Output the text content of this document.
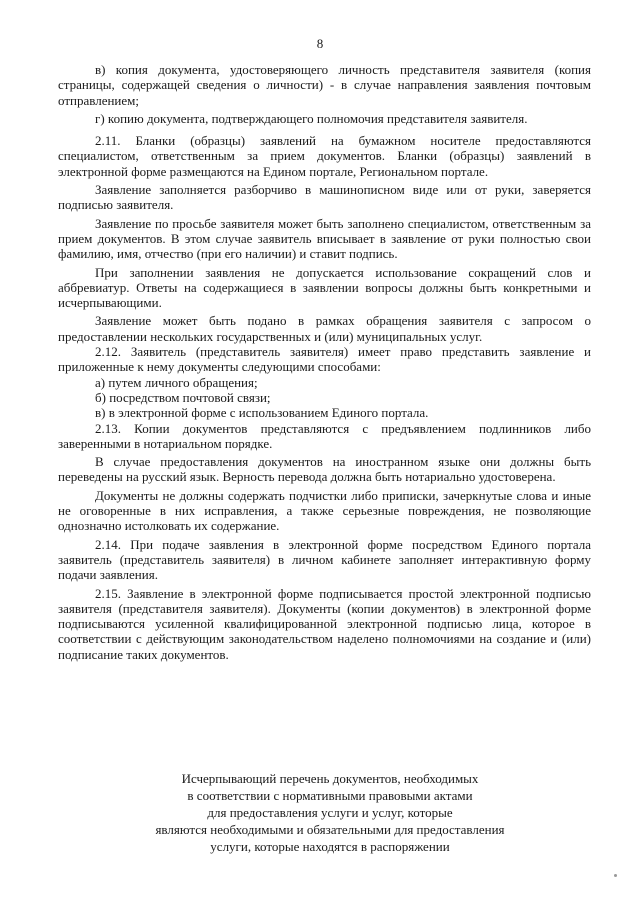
8

в) копия документа, удостоверяющего личность представителя заявителя (копия страницы, содержащей сведения о личности) - в случае направления заявления почтовым отправлением;

г) копию документа, подтверждающего полномочия представителя заявителя.

2.11. Бланки (образцы) заявлений на бумажном носителе предоставляются специалистом, ответственным за прием документов. Бланки (образцы) заявлений в электронной форме размещаются на Едином портале, Региональном портале.

Заявление заполняется разборчиво в машинописном виде или от руки, заверяется подписью заявителя.

Заявление по просьбе заявителя может быть заполнено специалистом, ответственным за прием документов. В этом случае заявитель вписывает в заявление от руки полностью свои фамилию, имя, отчество (при его наличии) и ставит подпись.

При заполнении заявления не допускается использование сокращений слов и аббревиатур. Ответы на содержащиеся в заявлении вопросы должны быть конкретными и исчерпывающими.

Заявление может быть подано в рамках обращения заявителя с запросом о предоставлении нескольких государственных и (или) муниципальных услуг.

2.12. Заявитель (представитель заявителя) имеет право представить заявление и приложенные к нему документы следующими способами:

а) путем личного обращения;

б) посредством почтовой связи;

в) в электронной форме с использованием Единого портала.

2.13. Копии документов представляются с предъявлением подлинников либо заверенными в нотариальном порядке.

В случае предоставления документов на иностранном языке они должны быть переведены на русский язык. Верность перевода должна быть нотариально удостоверена.

Документы не должны содержать подчистки либо приписки, зачеркнутые слова и иные не оговоренные в них исправления, а также серьезные повреждения, не позволяющие однозначно истолковать их содержание.

2.14. При подаче заявления в электронной форме посредством Единого портала заявитель (представитель заявителя) в личном кабинете заполняет интерактивную форму подачи заявления.

2.15. Заявление в электронной форме подписывается простой электронной подписью заявителя (представителя заявителя). Документы (копии документов) в электронной форме подписываются усиленной квалифицированной электронной подписью лица, которое в соответствии с действующим законодательством наделено полномочиями на создание и (или) подписание таких документов.

Исчерпывающий перечень документов, необходимых
в соответствии с нормативными правовыми актами
для предоставления услуги и услуг, которые
являются необходимыми и обязательными для предоставления
услуги, которые находятся в распоряжении
